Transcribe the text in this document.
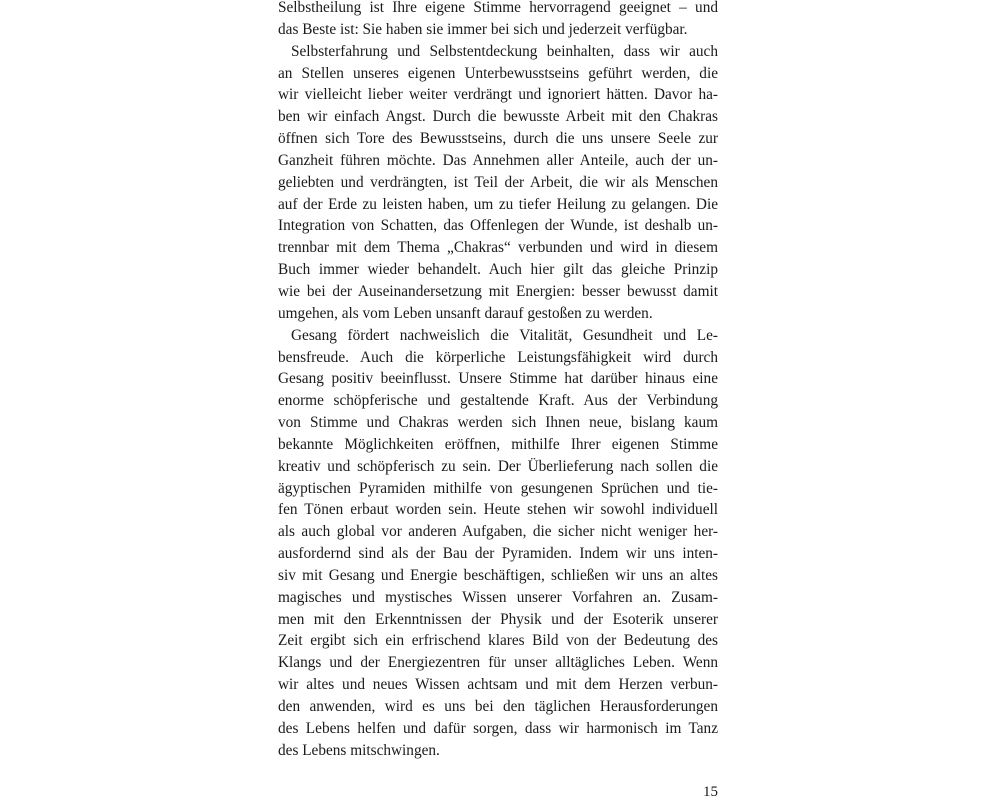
Selbstheilung ist Ihre eigene Stimme hervorragend geeignet – und
das Beste ist: Sie haben sie immer bei sich und jederzeit verfügbar.
Selbsterfahrung und Selbstentdeckung beinhalten, dass wir auch
an Stellen unseres eigenen Unterbewusstseins geführt werden, die
wir vielleicht lieber weiter verdrängt und ignoriert hätten. Davor ha-
ben wir einfach Angst. Durch die bewusste Arbeit mit den Chakras
öffnen sich Tore des Bewusstseins, durch die uns unsere Seele zur
Ganzheit führen möchte. Das Annehmen aller Anteile, auch der un-
geliebten und verdrängten, ist Teil der Arbeit, die wir als Menschen
auf der Erde zu leisten haben, um zu tiefer Heilung zu gelangen. Die
Integration von Schatten, das Offenlegen der Wunde, ist deshalb un-
trennbar mit dem Thema „Chakras“ verbunden und wird in diesem
Buch immer wieder behandelt. Auch hier gilt das gleiche Prinzip
wie bei der Auseinandersetzung mit Energien: besser bewusst damit
umgehen, als vom Leben unsanft darauf gestoßen zu werden.
Gesang fördert nachweislich die Vitalität, Gesundheit und Le-
bensfreude. Auch die körperliche Leistungsfähigkeit wird durch
Gesang positiv beeinflusst. Unsere Stimme hat darüber hinaus eine
enorme schöpferische und gestaltende Kraft. Aus der Verbindung
von Stimme und Chakras werden sich Ihnen neue, bislang kaum
bekannte Möglichkeiten eröffnen, mithilfe Ihrer eigenen Stimme
kreativ und schöpferisch zu sein. Der Überlieferung nach sollen die
ägyptischen Pyramiden mithilfe von gesungenen Sprüchen und tie-
fen Tönen erbaut worden sein. Heute stehen wir sowohl individuell
als auch global vor anderen Aufgaben, die sicher nicht weniger her-
ausfordernd sind als der Bau der Pyramiden. Indem wir uns inten-
siv mit Gesang und Energie beschäftigen, schließen wir uns an altes
magisches und mystisches Wissen unserer Vorfahren an. Zusam-
men mit den Erkenntnissen der Physik und der Esoterik unserer
Zeit ergibt sich ein erfrischend klares Bild von der Bedeutung des
Klangs und der Energiezentren für unser alltägliches Leben. Wenn
wir altes und neues Wissen achtsam und mit dem Herzen verbun-
den anwenden, wird es uns bei den täglichen Herausforderungen
des Lebens helfen und dafür sorgen, dass wir harmonisch im Tanz
des Lebens mitschwingen.
15
